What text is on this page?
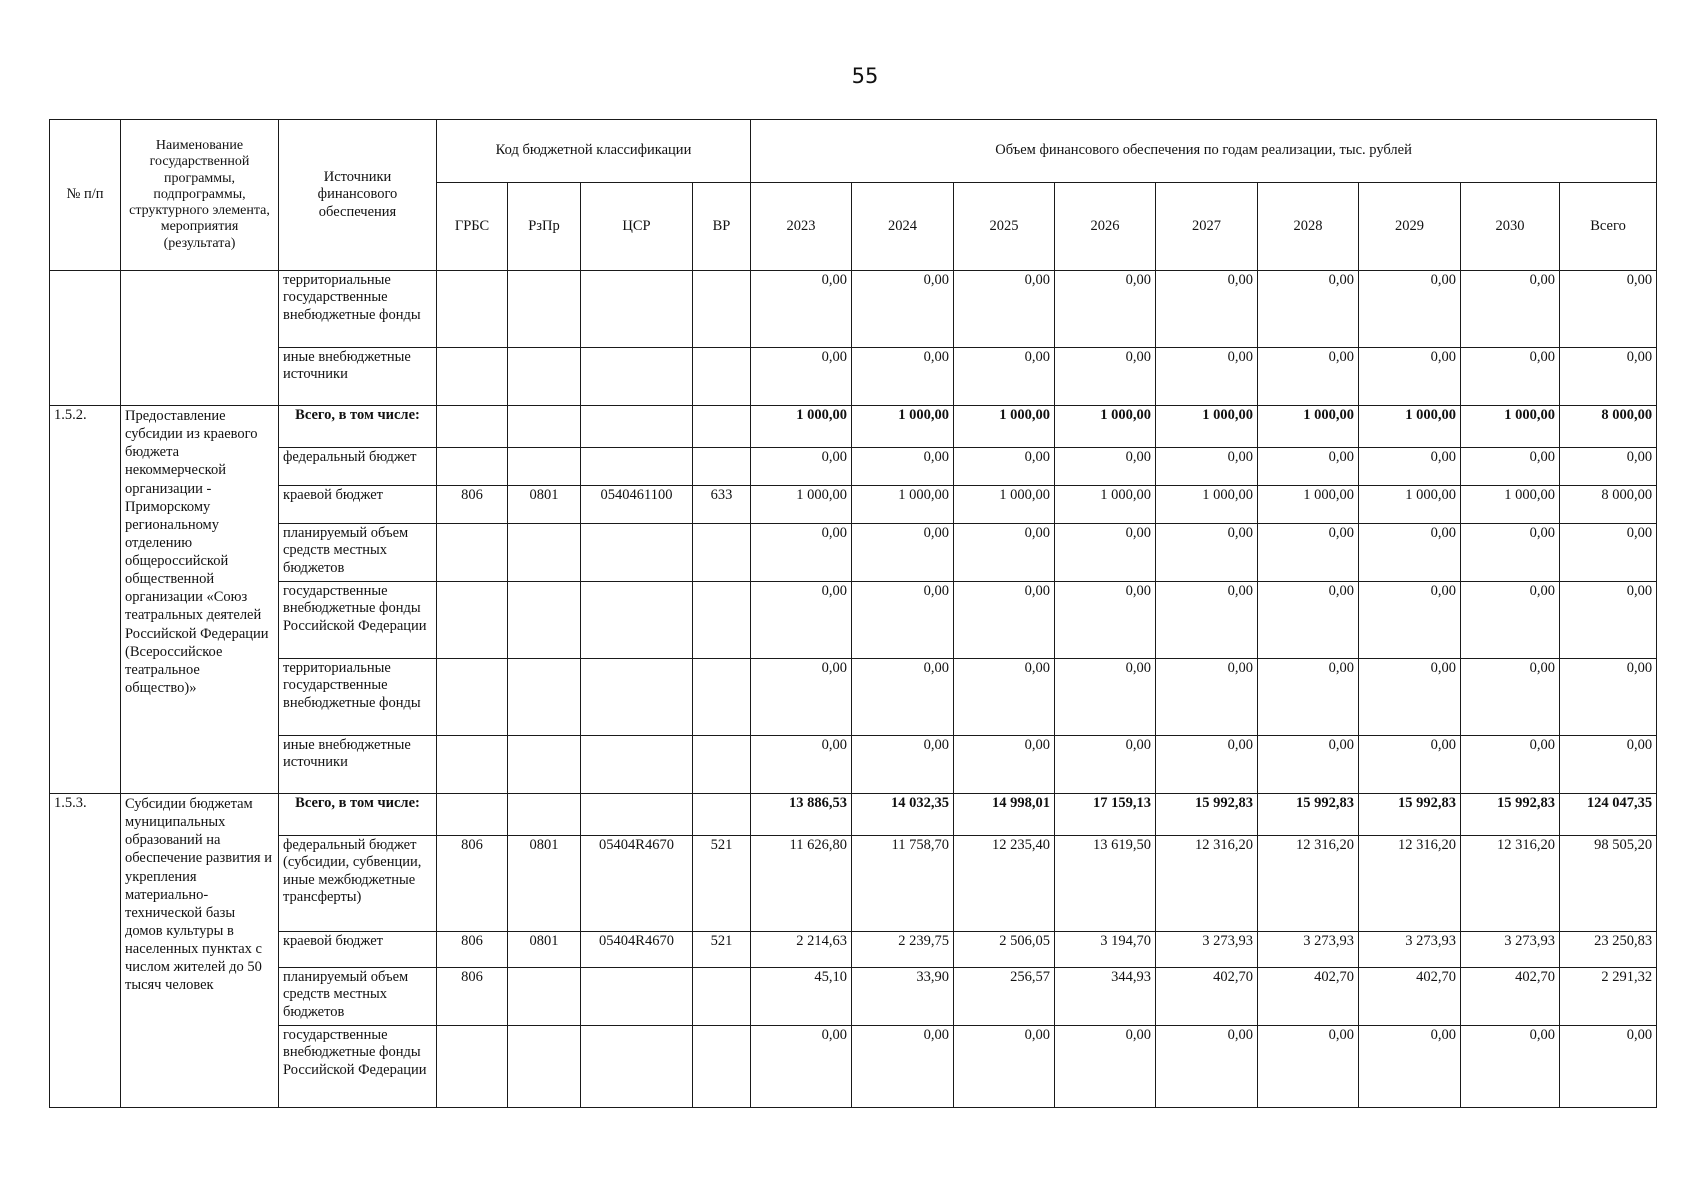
55
№ п/п	Наименование государственной программы, подпрограммы, структурного элемента, мероприятия (результата)	Источники финансового обеспечения	Код бюджетной классификации				Объем финансового обеспечения по годам реализации, тыс. рублей								
			ГРБС	РзПр	ЦСР	ВР	2023	2024	2025	2026	2027	2028	2029	2030	Всего
		территориальные государственные внебюджетные фонды					0,00	0,00	0,00	0,00	0,00	0,00	0,00	0,00	0,00
		иные внебюджетные источники					0,00	0,00	0,00	0,00	0,00	0,00	0,00	0,00	0,00
1.5.2.	Предоставление субсидии из краевого бюджета некоммерческой организации - Приморскому региональному отделению общероссийской общественной организации «Союз театральных деятелей Российской Федерации (Всероссийское театральное общество)»	Всего, в том числе:					1 000,00	1 000,00	1 000,00	1 000,00	1 000,00	1 000,00	1 000,00	1 000,00	8 000,00
		федеральный бюджет					0,00	0,00	0,00	0,00	0,00	0,00	0,00	0,00	0,00
		краевой бюджет	806	0801	0540461100	633	1 000,00	1 000,00	1 000,00	1 000,00	1 000,00	1 000,00	1 000,00	1 000,00	8 000,00
		планируемый объем средств местных бюджетов					0,00	0,00	0,00	0,00	0,00	0,00	0,00	0,00	0,00
		государственные внебюджетные фонды Российской Федерации					0,00	0,00	0,00	0,00	0,00	0,00	0,00	0,00	0,00
		территориальные государственные внебюджетные фонды					0,00	0,00	0,00	0,00	0,00	0,00	0,00	0,00	0,00
		иные внебюджетные источники					0,00	0,00	0,00	0,00	0,00	0,00	0,00	0,00	0,00
1.5.3.	Субсидии бюджетам муниципальных образований на обеспечение развития и укрепления материально-технической базы домов культуры в населенных пунктах с числом жителей до 50 тысяч человек	Всего, в том числе:					13 886,53	14 032,35	14 998,01	17 159,13	15 992,83	15 992,83	15 992,83	15 992,83	124 047,35
		федеральный бюджет (субсидии, субвенции, иные межбюджетные трансферты)	806	0801	05404R4670	521	11 626,80	11 758,70	12 235,40	13 619,50	12 316,20	12 316,20	12 316,20	12 316,20	98 505,20
		краевой бюджет	806	0801	05404R4670	521	2 214,63	2 239,75	2 506,05	3 194,70	3 273,93	3 273,93	3 273,93	3 273,93	23 250,83
		планируемый объем средств местных бюджетов	806				45,10	33,90	256,57	344,93	402,70	402,70	402,70	402,70	2 291,32
		государственные внебюджетные фонды Российской Федерации					0,00	0,00	0,00	0,00	0,00	0,00	0,00	0,00	0,00
